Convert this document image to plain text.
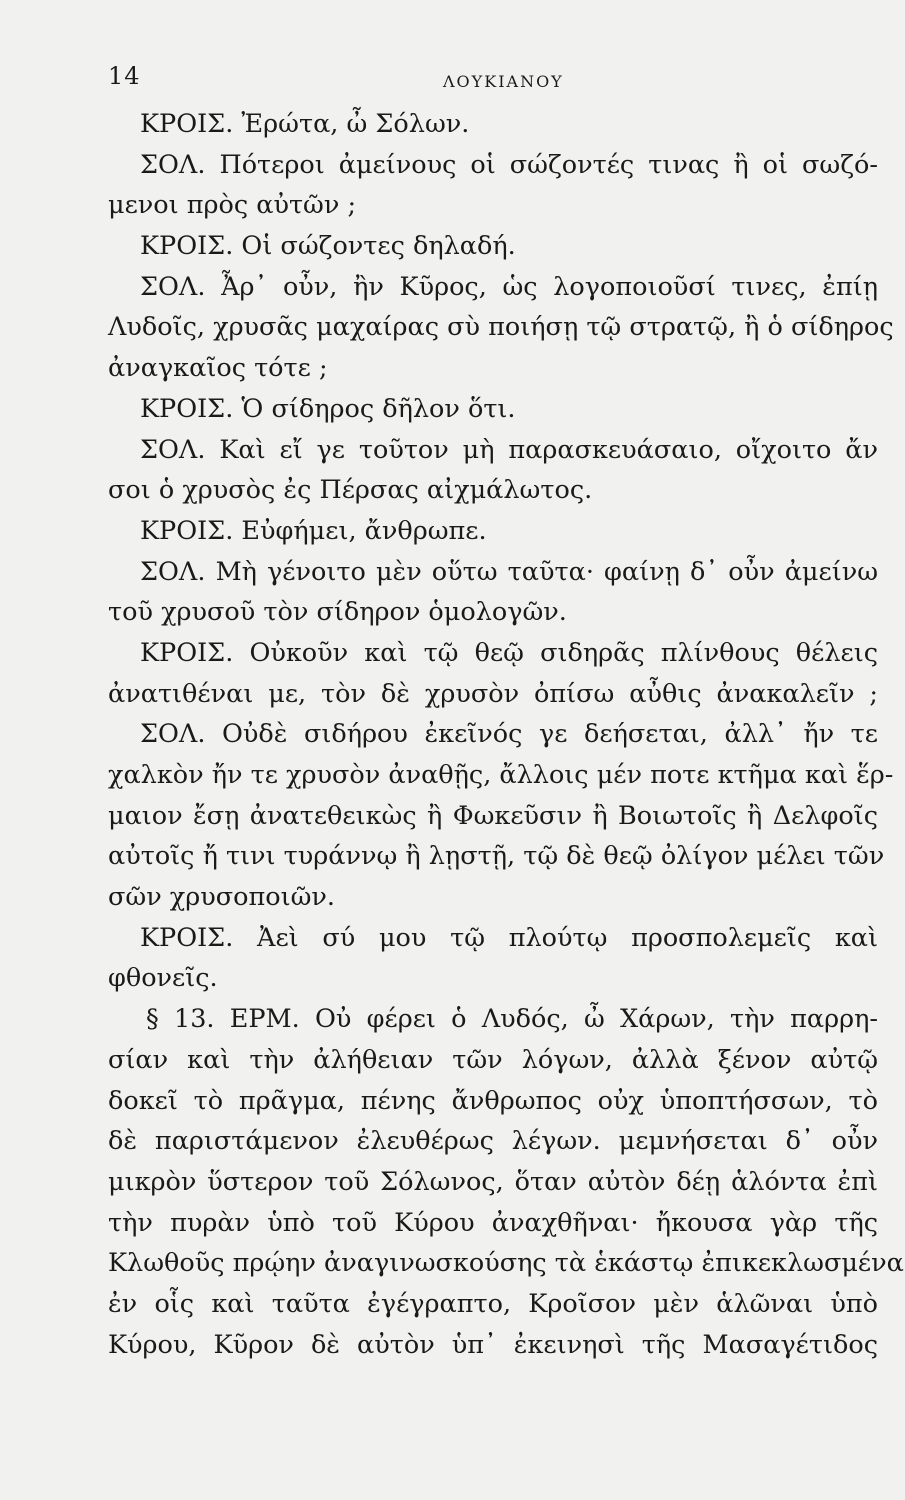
14	ΛΟΥΚΙΑΝΟΥ
ΚΡΟΙΣ. Ἐρώτα, ὦ Σόλων.
ΣΟΛ. Πότεροι ἀμείνους οἱ σώζοντές τινας ἢ οἱ σωζό-
μενοι πρὸς αὐτῶν ;
ΚΡΟΙΣ. Οἱ σώζοντες δηλαδή.
ΣΟΛ. Ἆρ᾽ οὖν, ἢν Κῦρος, ὡς λογοποιοῦσί τινες, ἐπίῃ
Λυδοῖς, χρυσᾶς μαχαίρας σὺ ποιήσῃ τῷ στρατῷ, ἢ ὁ σίδηρος
ἀναγκαῖος τότε ;
ΚΡΟΙΣ. Ὁ σίδηρος δῆλον ὅτι.
ΣΟΛ. Καὶ εἴ γε τοῦτον μὴ παρασκευάσαιο, οἴχοιτο ἄν
σοι ὁ χρυσὸς ἐς Πέρσας αἰχμάλωτος.
ΚΡΟΙΣ. Εὐφήμει, ἄνθρωπε.
ΣΟΛ. Μὴ γένοιτο μὲν οὕτω ταῦτα· φαίνῃ δ᾽ οὖν ἀμείνω
τοῦ χρυσοῦ τὸν σίδηρον ὁμολογῶν.
ΚΡΟΙΣ. Οὐκοῦν καὶ τῷ θεῷ σιδηρᾶς πλίνθους θέλεις
ἀνατιθέναι με, τὸν δὲ χρυσὸν ὀπίσω αὖθις ἀνακαλεῖν ;
ΣΟΛ. Οὐδὲ σιδήρου ἐκεῖνός γε δεήσεται, ἀλλ᾽ ἤν τε
χαλκὸν ἤν τε χρυσὸν ἀναθῇς, ἄλλοις μέν ποτε κτῆμα καὶ ἕρ-
μαιον ἔσῃ ἀνατεθεικὼς ἢ Φωκεῦσιν ἢ Βοιωτοῖς ἢ Δελφοῖς
αὐτοῖς ἤ τινι τυράννῳ ἢ λῃστῇ, τῷ δὲ θεῷ ὀλίγον μέλει τῶν
σῶν χρυσοποιῶν.
ΚΡΟΙΣ. Ἀεὶ σύ μου τῷ πλούτῳ προσπολεμεῖς καὶ
φθονεῖς.
§ 13. ΕΡΜ. Οὐ φέρει ὁ Λυδός, ὦ Χάρων, τὴν παρρη-
σίαν καὶ τὴν ἀλήθειαν τῶν λόγων, ἀλλὰ ξένον αὐτῷ
δοκεῖ τὸ πρᾶγμα, πένης ἄνθρωπος οὐχ ὑποπτήσσων, τὸ
δὲ παριστάμενον ἐλευθέρως λέγων. μεμνήσεται δ᾽ οὖν
μικρὸν ὕστερον τοῦ Σόλωνος, ὅταν αὐτὸν δέῃ ἁλόντα ἐπὶ
τὴν πυρὰν ὑπὸ τοῦ Κύρου ἀναχθῆναι· ἤκουσα γὰρ τῆς
Κλωθοῦς πρῴην ἀναγινωσκούσης τὰ ἑκάστῳ ἐπικεκλωσμένα
ἐν οἷς καὶ ταῦτα ἐγέγραπτο, Κροῖσον μὲν ἁλῶναι ὑπὸ
Κύρου, Κῦρον δὲ αὐτὸν ὑπ᾽ ἐκεινησὶ τῆς Μασαγέτιδος
